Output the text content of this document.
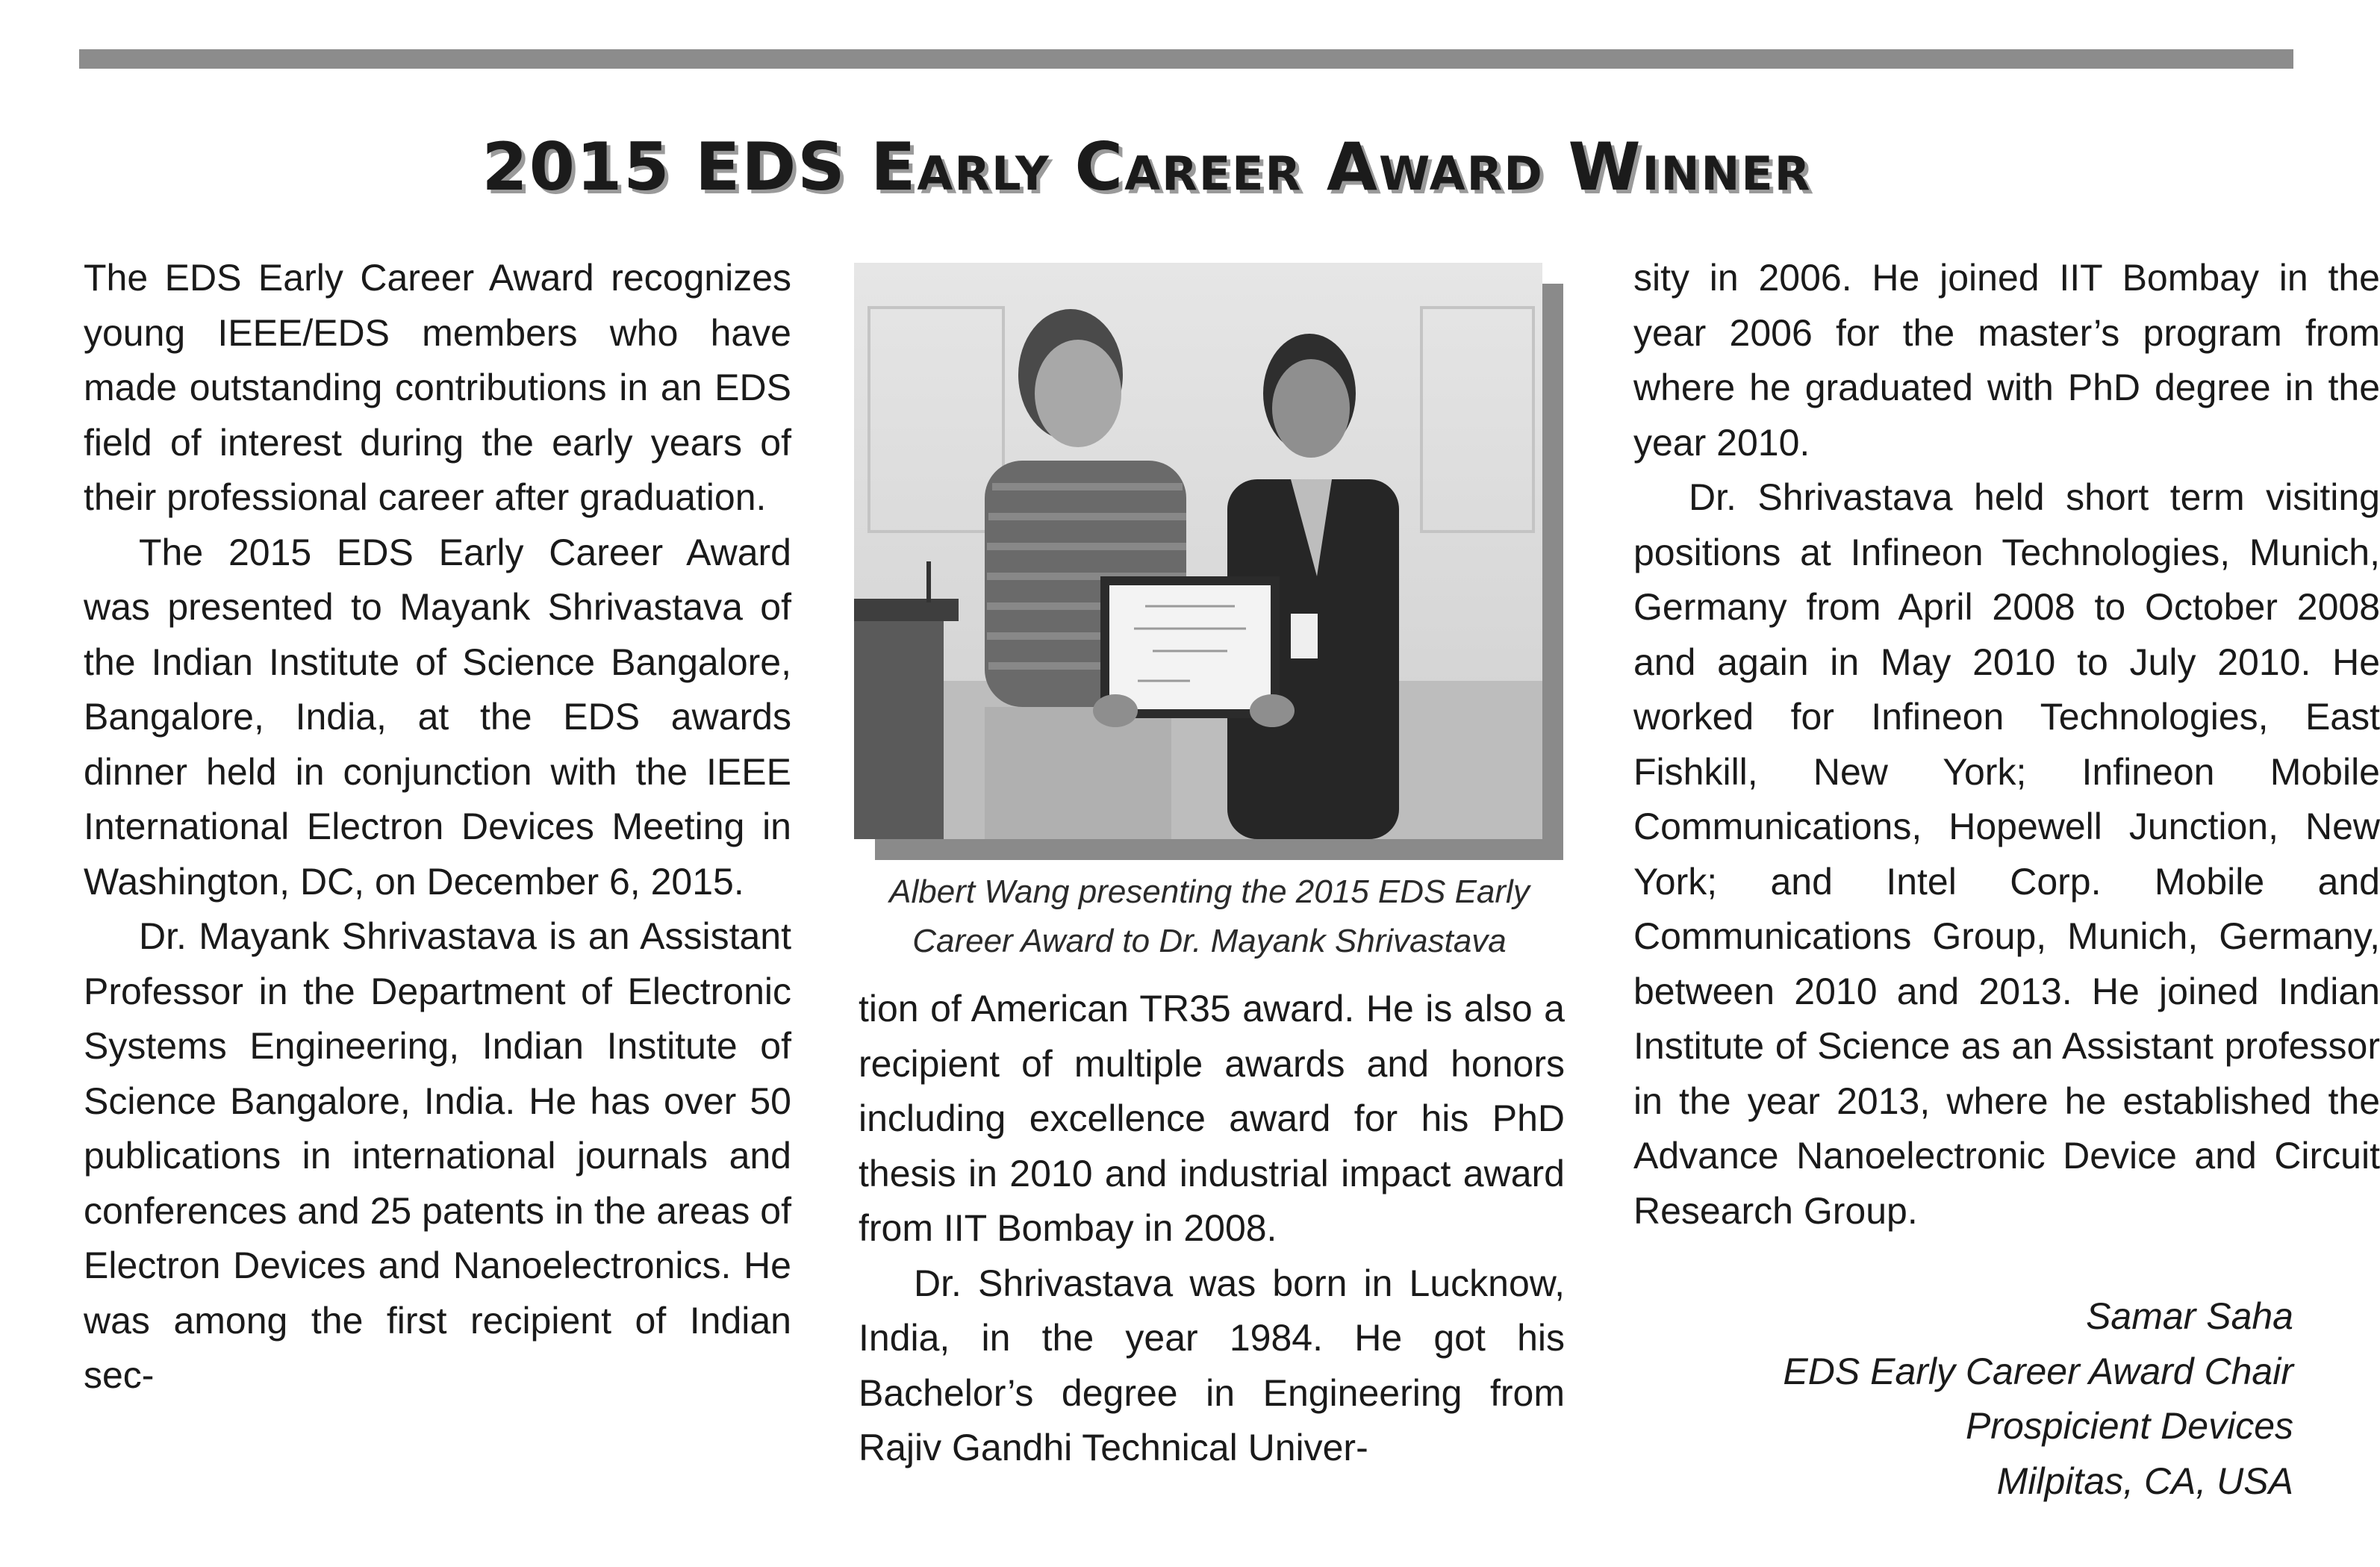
2015 EDS Early Career Award Winner

The EDS Early Career Award recognizes young IEEE/EDS members who have made outstanding contributions in an EDS field of interest during the early years of their professional career after graduation.

The 2015 EDS Early Career Award was presented to Mayank Shrivastava of the Indian Institute of Science Bangalore, Bangalore, India, at the EDS awards dinner held in conjunction with the IEEE International Electron Devices Meeting in Washington, DC, on December 6, 2015.

Dr. Mayank Shrivastava is an Assistant Professor in the Department of Electronic Systems Engineering, Indian Institute of Science Bangalore, India. He has over 50 publications in international journals and conferences and 25 patents in the areas of Electron Devices and Nanoelectronics. He was among the first recipient of Indian sec-

Albert Wang presenting the 2015 EDS Early Career Award to Dr. Mayank Shrivastava

tion of American TR35 award. He is also a recipient of multiple awards and honors including excellence award for his PhD thesis in 2010 and industrial impact award from IIT Bombay in 2008.

Dr. Shrivastava was born in Lucknow, India, in the year 1984. He got his Bachelor’s degree in Engineering from Rajiv Gandhi Technical Univer-

sity in 2006. He joined IIT Bombay in the year 2006 for the master’s program from where he graduated with PhD degree in the year 2010.

Dr. Shrivastava held short term visiting positions at Infineon Technologies, Munich, Germany from April 2008 to October 2008 and again in May 2010 to July 2010. He worked for Infineon Technologies, East Fishkill, New York; Infineon Mobile Communications, Hopewell Junction, New York; and Intel Corp. Mobile and Communications Group, Munich, Germany, between 2010 and 2013. He joined Indian Institute of Science as an Assistant professor in the year 2013, where he established the Advance Nanoelectronic Device and Circuit Research Group.

Samar Saha
EDS Early Career Award Chair
Prospicient Devices
Milpitas, CA, USA
